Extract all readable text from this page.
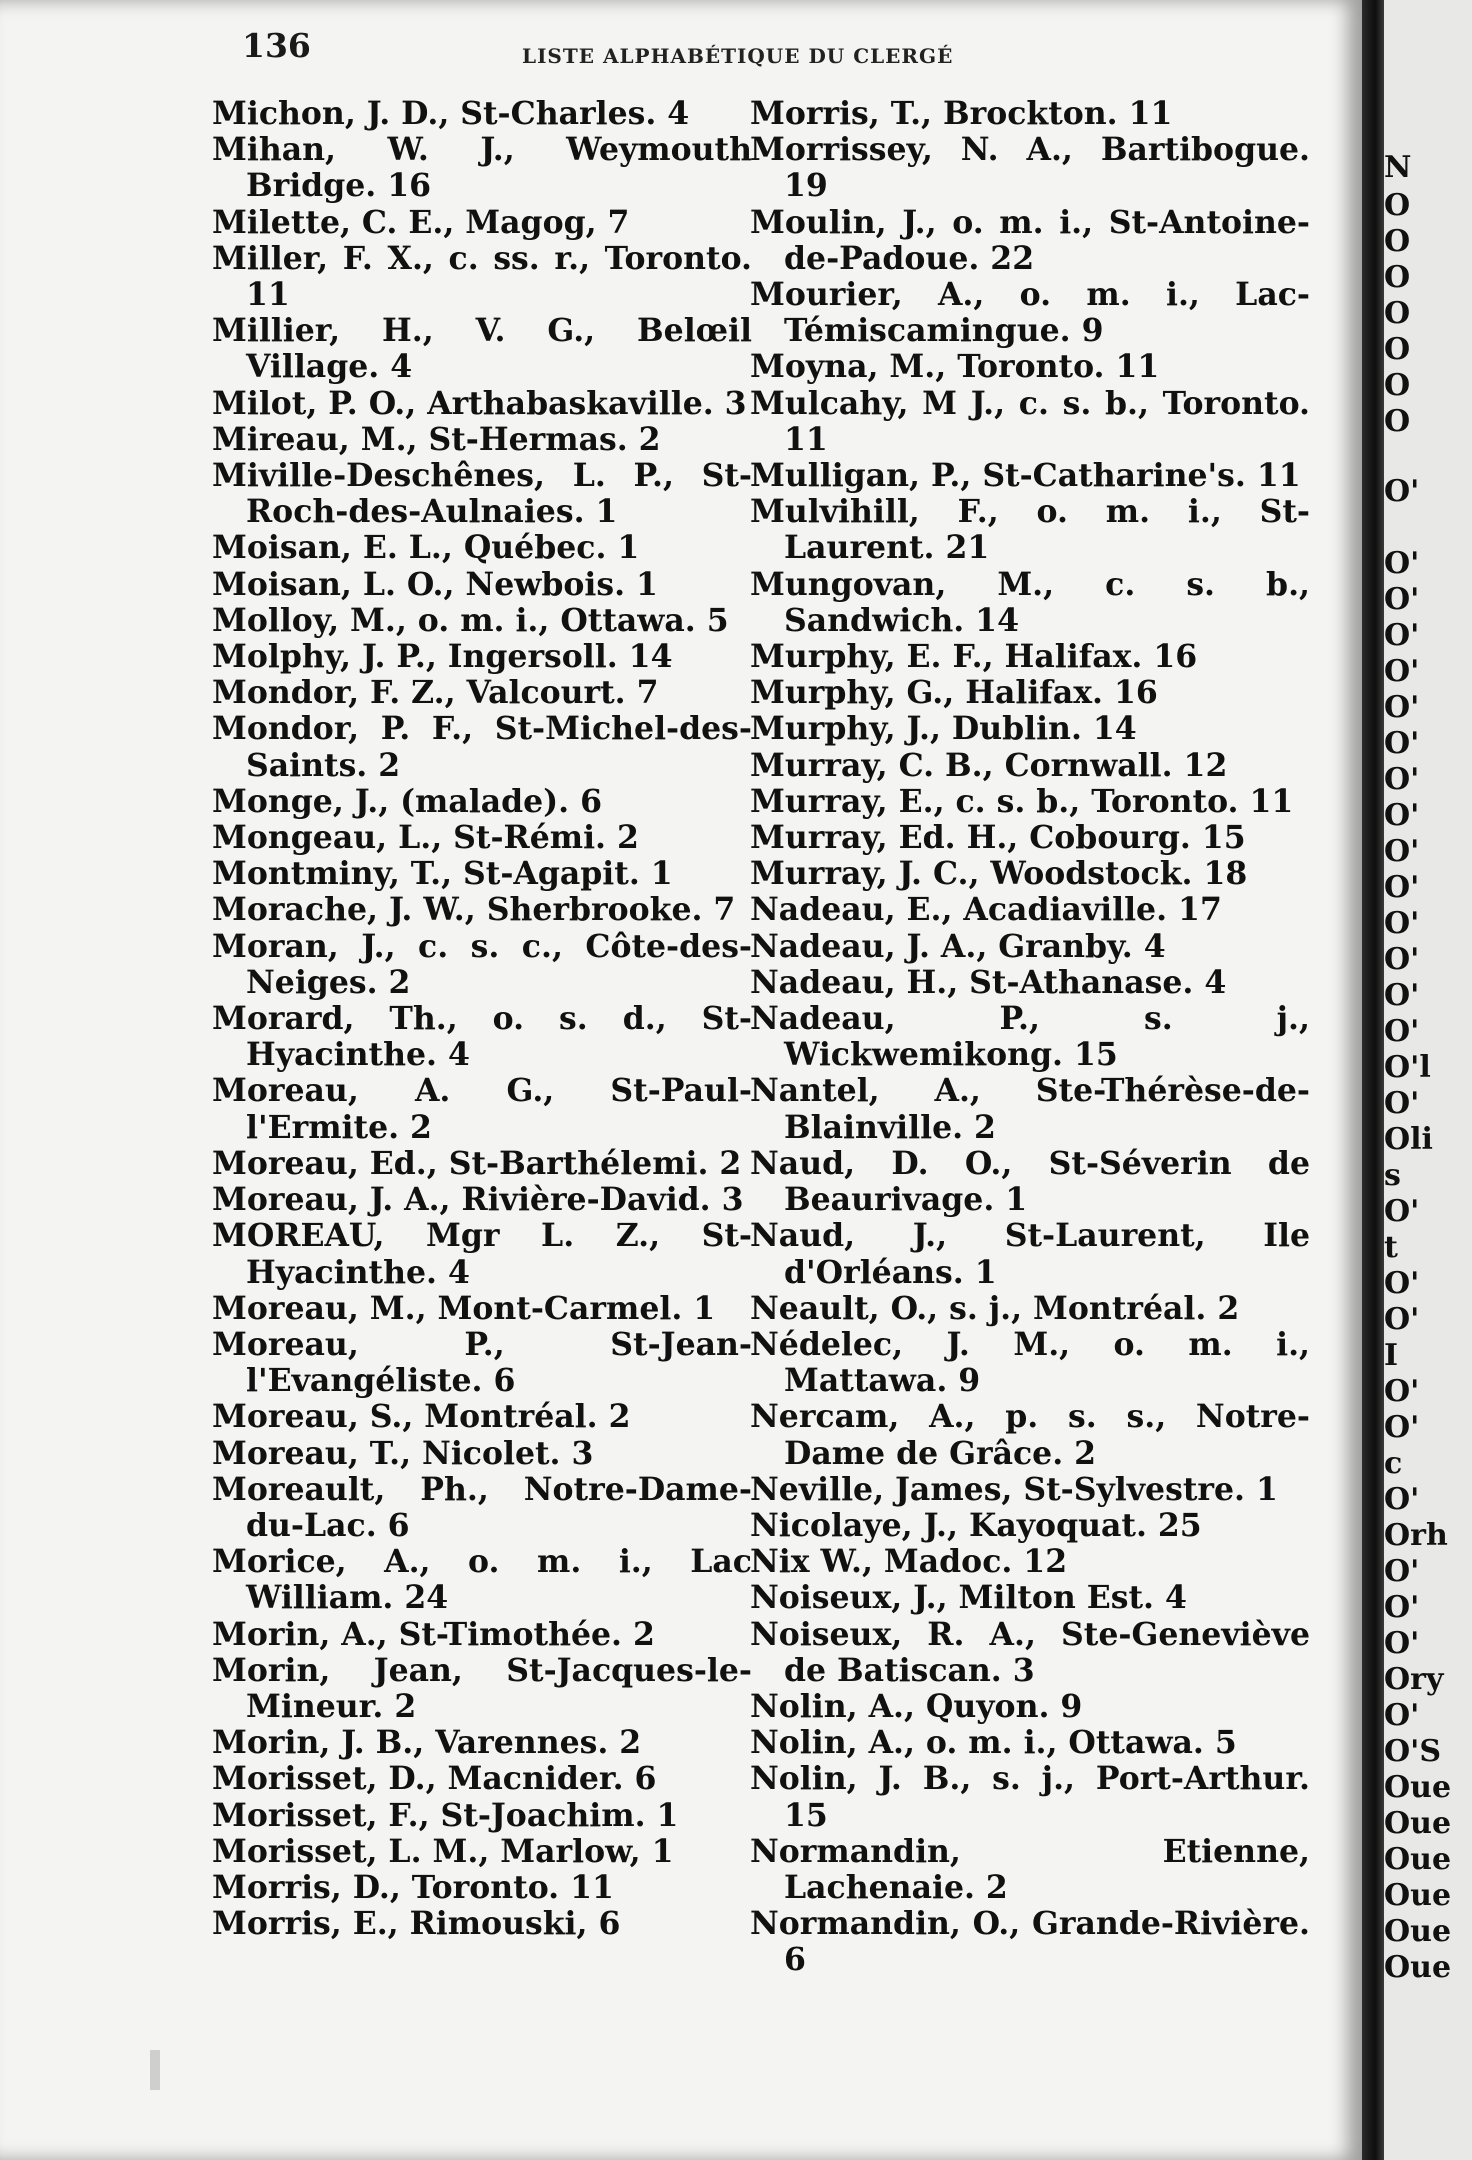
136	LISTE ALPHABÉTIQUE DU CLERGÉ

Michon, J. D., St-Charles. 4

Mihan, W. J., Weymouth Bridge. 16

Milette, C. E., Magog, 7

Miller, F. X., c. ss. r., Toronto. 11

Millier, H., V. G., Belœil Village. 4

Milot, P. O., Arthabaskaville. 3

Mireau, M., St-Hermas. 2

Miville-Deschênes, L. P., St-Roch-des-Aulnaies. 1

Moisan, E. L., Québec. 1

Moisan, L. O., Newbois. 1

Molloy, M., o. m. i., Ottawa. 5

Molphy, J. P., Ingersoll. 14

Mondor, F. Z., Valcourt. 7

Mondor, P. F., St-Michel-des-Saints. 2

Monge, J., (malade). 6

Mongeau, L., St-Rémi. 2

Montminy, T., St-Agapit. 1

Morache, J. W., Sherbrooke. 7

Moran, J., c. s. c., Côte-des-Neiges. 2

Morard, Th., o. s. d., St-Hyacinthe. 4

Moreau, A. G., St-Paul-l'Ermite. 2

Moreau, Ed., St-Barthélemi. 2

Moreau, J. A., Rivière-David. 3

MOREAU, Mgr L. Z., St-Hyacinthe. 4

Moreau, M., Mont-Carmel. 1

Moreau, P., St-Jean-l'Evangéliste. 6

Moreau, S., Montréal. 2

Moreau, T., Nicolet. 3

Moreault, Ph., Notre-Dame-du-Lac. 6

Morice, A., o. m. i., Lac William. 24

Morin, A., St-Timothée. 2

Morin, Jean, St-Jacques-le-Mineur. 2

Morin, J. B., Varennes. 2

Morisset, D., Macnider. 6

Morisset, F., St-Joachim. 1

Morisset, L. M., Marlow, 1

Morris, D., Toronto. 11

Morris, E., Rimouski, 6

Morris, T., Brockton. 11

Morrissey, N. A., Bartibogue. 19

Moulin, J., o. m. i., St-Antoine-de-Padoue. 22

Mourier, A., o. m. i., Lac-Témiscamingue. 9

Moyna, M., Toronto. 11

Mulcahy, M J., c. s. b., Toronto. 11

Mulligan, P., St-Catharine's. 11

Mulvihill, F., o. m. i., St-Laurent. 21

Mungovan, M., c. s. b., Sandwich. 14

Murphy, E. F., Halifax. 16

Murphy, G., Halifax. 16

Murphy, J., Dublin. 14

Murray, C. B., Cornwall. 12

Murray, E., c. s. b., Toronto. 11

Murray, Ed. H., Cobourg. 15

Murray, J. C., Woodstock. 18

Nadeau, E., Acadiaville. 17

Nadeau, J. A., Granby. 4

Nadeau, H., St-Athanase. 4

Nadeau, P., s. j., Wickwemikong. 15

Nantel, A., Ste-Thérèse-de-Blainville. 2

Naud, D. O., St-Séverin de Beaurivage. 1

Naud, J., St-Laurent, Ile d'Orléans. 1

Neault, O., s. j., Montréal. 2

Nédelec, J. M., o. m. i., Mattawa. 9

Nercam, A., p. s. s., Notre-Dame de Grâce. 2

Neville, James, St-Sylvestre. 1

Nicolaye, J., Kayoquat. 25

Nix W., Madoc. 12

Noiseux, J., Milton Est. 4

Noiseux, R. A., Ste-Geneviève de Batiscan. 3

Nolin, A., Quyon. 9

Nolin, A., o. m. i., Ottawa. 5

Nolin, J. B., s. j., Port-Arthur. 15

Normandin, Etienne, Lachenaie. 2

Normandin, O., Grande-Rivière. 6

N
O
O
O
O
O
O
O
O'
O'
O'
O'
O'
O'
O'
O'
O'
O'
O'
O'
O'
O'
O'
O'l
O'
Oli
s
O'
t
O'
O'
I
O'
O'
c
O'
Orh
O'
O'
O'
Ory
O'
O'S
Oue
Oue
Oue
Oue
Oue
Oue
